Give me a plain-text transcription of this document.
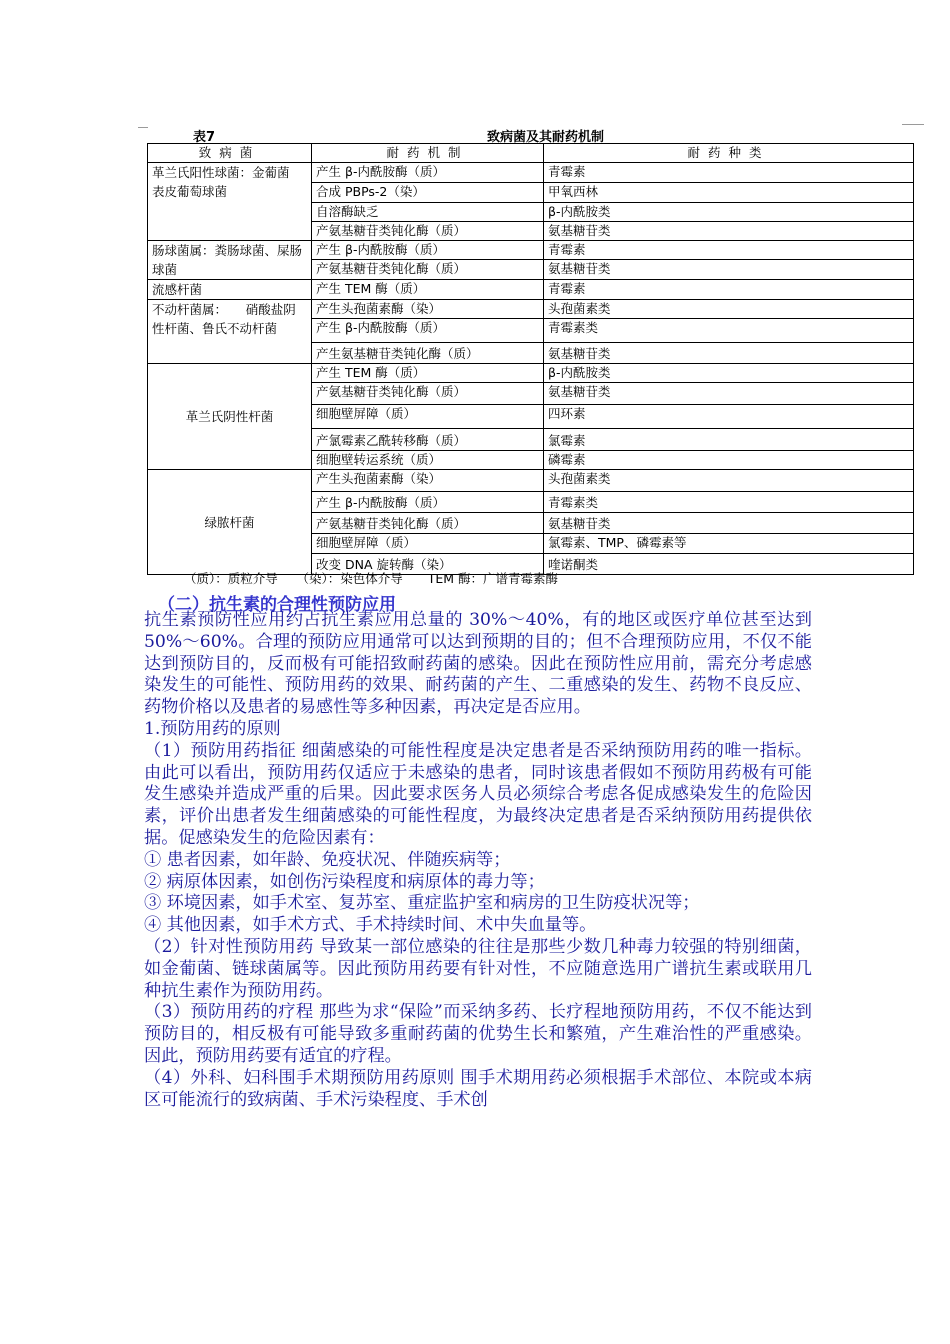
表7	致病菌及其耐药机制
致病菌	耐药机制	耐药种类

革兰氏阳性球菌：金葡菌
表皮葡萄球菌	产生 β-内酰胺酶（质）	青霉素
	合成 PBPs-2（染）	甲氧西林
	自溶酶缺乏	β-内酰胺类
	产氨基糖苷类钝化酶（质）	氨基糖苷类

肠球菌属：粪肠球菌、屎肠球菌	产生 β-内酰胺酶（质）	青霉素
	产氨基糖苷类钝化酶（质）	氨基糖苷类

流感杆菌	产生 TEM 酶（质）	青霉素

不动杆菌属：　　硝酸盐阴性杆菌、鲁氏不动杆菌	产生头孢菌素酶（染）	头孢菌素类
	产生 β-内酰胺酶（质）	青霉素类
	产生氨基糖苷类钝化酶（质）	氨基糖苷类

革兰氏阴性杆菌	产生 TEM 酶（质）	β-内酰胺类
	产氨基糖苷类钝化酶（质）	氨基糖苷类
	细胞壁屏障（质）	四环素
	产氯霉素乙酰转移酶（质）	氯霉素
	细胞壁转运系统（质）	磷霉素

绿脓杆菌	产生头孢菌素酶（染）	头孢菌素类
	产生 β-内酰胺酶（质）	青霉素类
	产氨基糖苷类钝化酶（质）	氨基糖苷类
	细胞壁屏障（质）	氯霉素、TMP、磷霉素等
	改变 DNA 旋转酶（染）	喹诺酮类
（质）：质粒介导　　（染）：染色体介导　　TEM 酶：广谱青霉素酶
（二）抗生素的合理性预防应用

抗生素预防性应用约占抗生素应用总量的 30%～40%，有的地区或医疗单位甚至达到 50%～60%。合理的预防应用通常可以达到预期的目的；但不合理预防应用，不仅不能达到预防目的，反而极有可能招致耐药菌的感染。因此在预防性应用前，需充分考虑感染发生的可能性、预防用药的效果、耐药菌的产生、二重感染的发生、药物不良反应、药物价格以及患者的易感性等多种因素，再决定是否应用。

1.预防用药的原则

（1）预防用药指征 细菌感染的可能性程度是决定患者是否采纳预防用药的唯一指标。由此可以看出，预防用药仅适应于未感染的患者，同时该患者假如不预防用药极有可能发生感染并造成严重的后果。因此要求医务人员必须综合考虑各促成感染发生的危险因素，评价出患者发生细菌感染的可能性程度，为最终决定患者是否采纳预防用药提供依据。促感染发生的危险因素有：

① 患者因素，如年龄、免疫状况、伴随疾病等；

② 病原体因素，如创伤污染程度和病原体的毒力等；

③ 环境因素，如手术室、复苏室、重症监护室和病房的卫生防疫状况等；

④ 其他因素，如手术方式、手术持续时间、术中失血量等。

（2）针对性预防用药 导致某一部位感染的往往是那些少数几种毒力较强的特别细菌，如金葡菌、链球菌属等。因此预防用药要有针对性，不应随意选用广谱抗生素或联用几种抗生素作为预防用药。

（3）预防用药的疗程 那些为求“保险”而采纳多药、长疗程地预防用药，不仅不能达到预防目的，相反极有可能导致多重耐药菌的优势生长和繁殖，产生难治性的严重感染。因此，预防用药要有适宜的疗程。

（4）外科、妇科围手术期预防用药原则 围手术期用药必须根据手术部位、本院或本病区可能流行的致病菌、手术污染程度、手术创
